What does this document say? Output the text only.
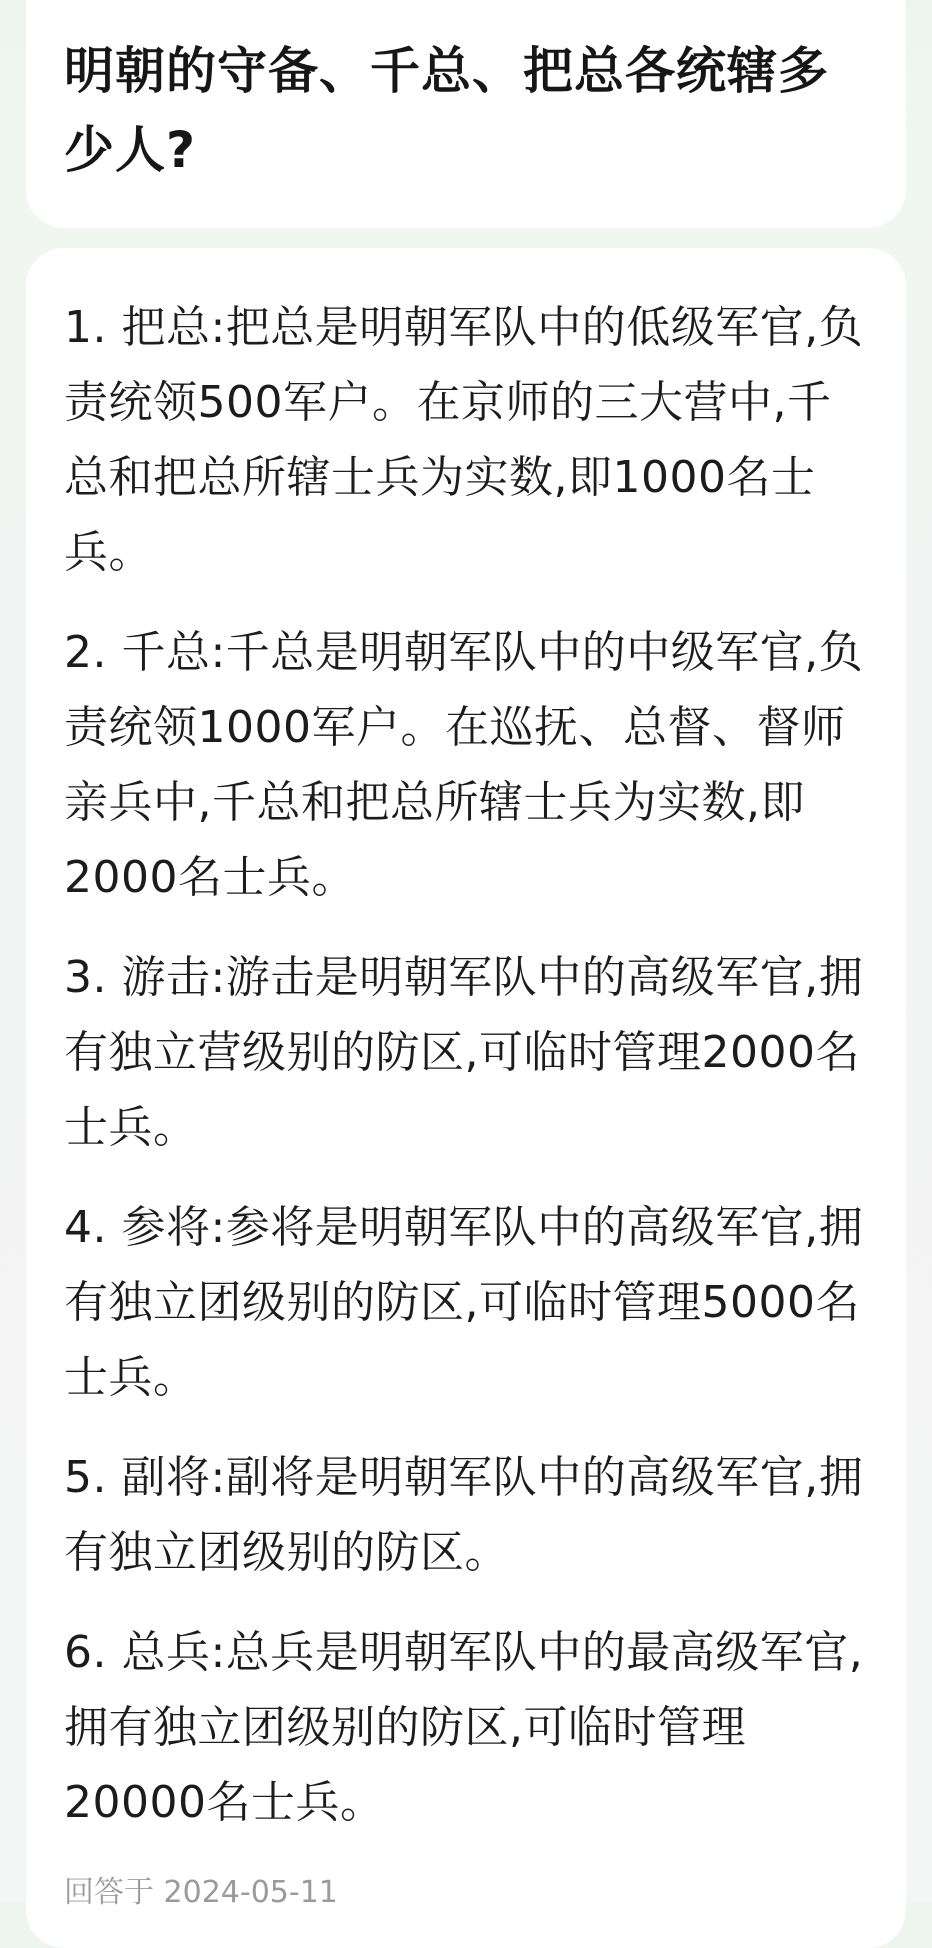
明朝的守备、千总、把总各统辖多少人?

1. 把总:把总是明朝军队中的低级军官,负责统领500军户。在京师的三大营中,千总和把总所辖士兵为实数,即1000名士兵。

2. 千总:千总是明朝军队中的中级军官,负责统领1000军户。在巡抚、总督、督师亲兵中,千总和把总所辖士兵为实数,即2000名士兵。

3. 游击:游击是明朝军队中的高级军官,拥有独立营级别的防区,可临时管理2000名士兵。

4. 参将:参将是明朝军队中的高级军官,拥有独立团级别的防区,可临时管理5000名士兵。

5. 副将:副将是明朝军队中的高级军官,拥有独立团级别的防区。

6. 总兵:总兵是明朝军队中的最高级军官,拥有独立团级别的防区,可临时管理20000名士兵。

回答于 2024-05-11
